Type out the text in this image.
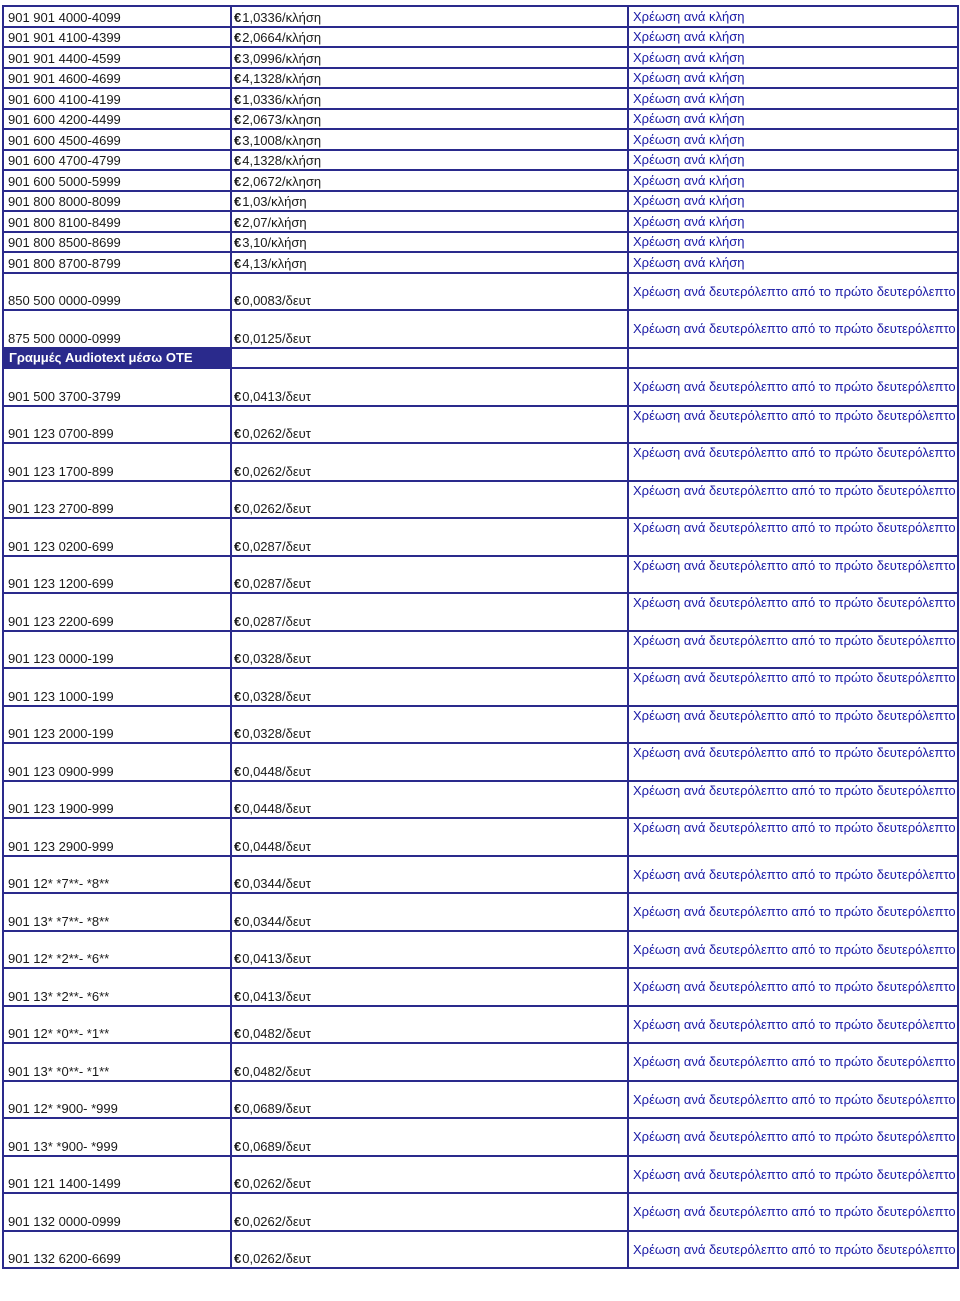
901 901 4000-4099	€1,0336/κλήση	Χρέωση ανά κλήση
901 901 4100-4399	€2,0664/κλήση	Χρέωση ανά κλήση
901 901 4400-4599	€3,0996/κλήση	Χρέωση ανά κλήση
901 901 4600-4699	€4,1328/κλήση	Χρέωση ανά κλήση
901 600 4100-4199	€1,0336/κλήση	Χρέωση ανά κλήση
901 600 4200-4499	€2,0673/κληση	Χρέωση ανά κλήση
901 600 4500-4699	€3,1008/κληση	Χρέωση ανά κλήση
901 600 4700-4799	€4,1328/κλήση	Χρέωση ανά κλήση
901 600 5000-5999	€2,0672/κληση	Χρέωση ανά κλήση
901 800 8000-8099	€1,03/κλήση	Χρέωση ανά κλήση
901 800 8100-8499	€2,07/κλήση	Χρέωση ανά κλήση
901 800 8500-8699	€3,10/κλήση	Χρέωση ανά κλήση
901 800 8700-8799	€4,13/κλήση	Χρέωση ανά κλήση
850 500 0000-0999	€0,0083/δευτ	Χρέωση ανά δευτερόλεπτο από το πρώτο δευτερόλεπτο
875 500 0000-0999	€0,0125/δευτ	Χρέωση ανά δευτερόλεπτο από το πρώτο δευτερόλεπτο
Γραμμές Audiotext μέσω ΟΤΕ		
901 500 3700-3799	€0,0413/δευτ	Χρέωση ανά δευτερόλεπτο από το πρώτο δευτερόλεπτο
901 123 0700-899	€0,0262/δευτ	Χρέωση ανά δευτερόλεπτο από το πρώτο δευτερόλεπτο
901 123 1700-899	€0,0262/δευτ	Χρέωση ανά δευτερόλεπτο από το πρώτο δευτερόλεπτο
901 123 2700-899	€0,0262/δευτ	Χρέωση ανά δευτερόλεπτο από το πρώτο δευτερόλεπτο
901 123 0200-699	€0,0287/δευτ	Χρέωση ανά δευτερόλεπτο από το πρώτο δευτερόλεπτο
901 123 1200-699	€0,0287/δευτ	Χρέωση ανά δευτερόλεπτο από το πρώτο δευτερόλεπτο
901 123 2200-699	€0,0287/δευτ	Χρέωση ανά δευτερόλεπτο από το πρώτο δευτερόλεπτο
901 123 0000-199	€0,0328/δευτ	Χρέωση ανά δευτερόλεπτο από το πρώτο δευτερόλεπτο
901 123 1000-199	€0,0328/δευτ	Χρέωση ανά δευτερόλεπτο από το πρώτο δευτερόλεπτο
901 123 2000-199	€0,0328/δευτ	Χρέωση ανά δευτερόλεπτο από το πρώτο δευτερόλεπτο
901 123 0900-999	€0,0448/δευτ	Χρέωση ανά δευτερόλεπτο από το πρώτο δευτερόλεπτο
901 123 1900-999	€0,0448/δευτ	Χρέωση ανά δευτερόλεπτο από το πρώτο δευτερόλεπτο
901 123 2900-999	€0,0448/δευτ	Χρέωση ανά δευτερόλεπτο από το πρώτο δευτερόλεπτο
901 12* *7**- *8**	€0,0344/δευτ	Χρέωση ανά δευτερόλεπτο από το πρώτο δευτερόλεπτο
901 13* *7**- *8**	€0,0344/δευτ	Χρέωση ανά δευτερόλεπτο από το πρώτο δευτερόλεπτο
901 12* *2**- *6**	€0,0413/δευτ	Χρέωση ανά δευτερόλεπτο από το πρώτο δευτερόλεπτο
901 13* *2**- *6**	€0,0413/δευτ	Χρέωση ανά δευτερόλεπτο από το πρώτο δευτερόλεπτο
901 12* *0**- *1**	€0,0482/δευτ	Χρέωση ανά δευτερόλεπτο από το πρώτο δευτερόλεπτο
901 13* *0**- *1**	€0,0482/δευτ	Χρέωση ανά δευτερόλεπτο από το πρώτο δευτερόλεπτο
901 12* *900- *999	€0,0689/δευτ	Χρέωση ανά δευτερόλεπτο από το πρώτο δευτερόλεπτο
901 13* *900- *999	€0,0689/δευτ	Χρέωση ανά δευτερόλεπτο από το πρώτο δευτερόλεπτο
901 121 1400-1499	€0,0262/δευτ	Χρέωση ανά δευτερόλεπτο από το πρώτο δευτερόλεπτο
901 132 0000-0999	€0,0262/δευτ	Χρέωση ανά δευτερόλεπτο από το πρώτο δευτερόλεπτο
901 132 6200-6699	€0,0262/δευτ	Χρέωση ανά δευτερόλεπτο από το πρώτο δευτερόλεπτο
